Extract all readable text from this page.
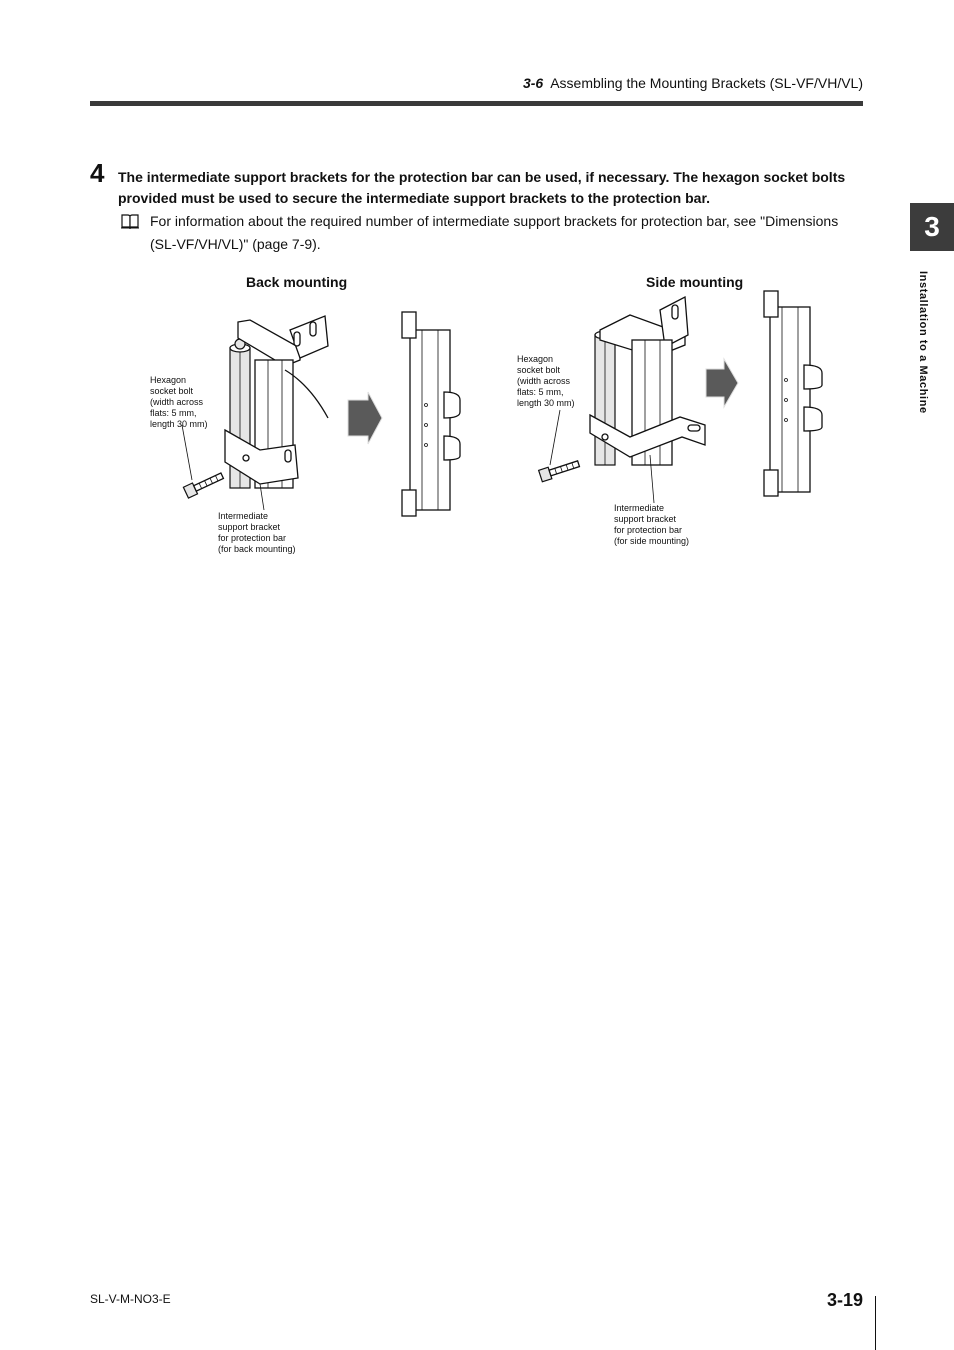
3-6 Assembling the Mounting Brackets (SL-VF/VH/VL)
3
Installation to a Machine
4 The intermediate support brackets for the protection bar can be used, if necessary. The hexagon socket bolts provided must be used to secure the intermediate support brackets to the protection bar.
For information about the required number of intermediate support brackets for protection bar, see "Dimensions (SL-VF/VH/VL)" (page 7-9).
Back mounting	Side mounting
Hexagon
socket bolt
(width across
flats: 5 mm,
length 30 mm)
Intermediate
support bracket
for protection bar
(for back mounting)
Hexagon
socket bolt
(width across
flats: 5 mm,
length 30 mm)
Intermediate
support bracket
for protection bar
(for side mounting)
SL-V-M-NO3-E	3-19
